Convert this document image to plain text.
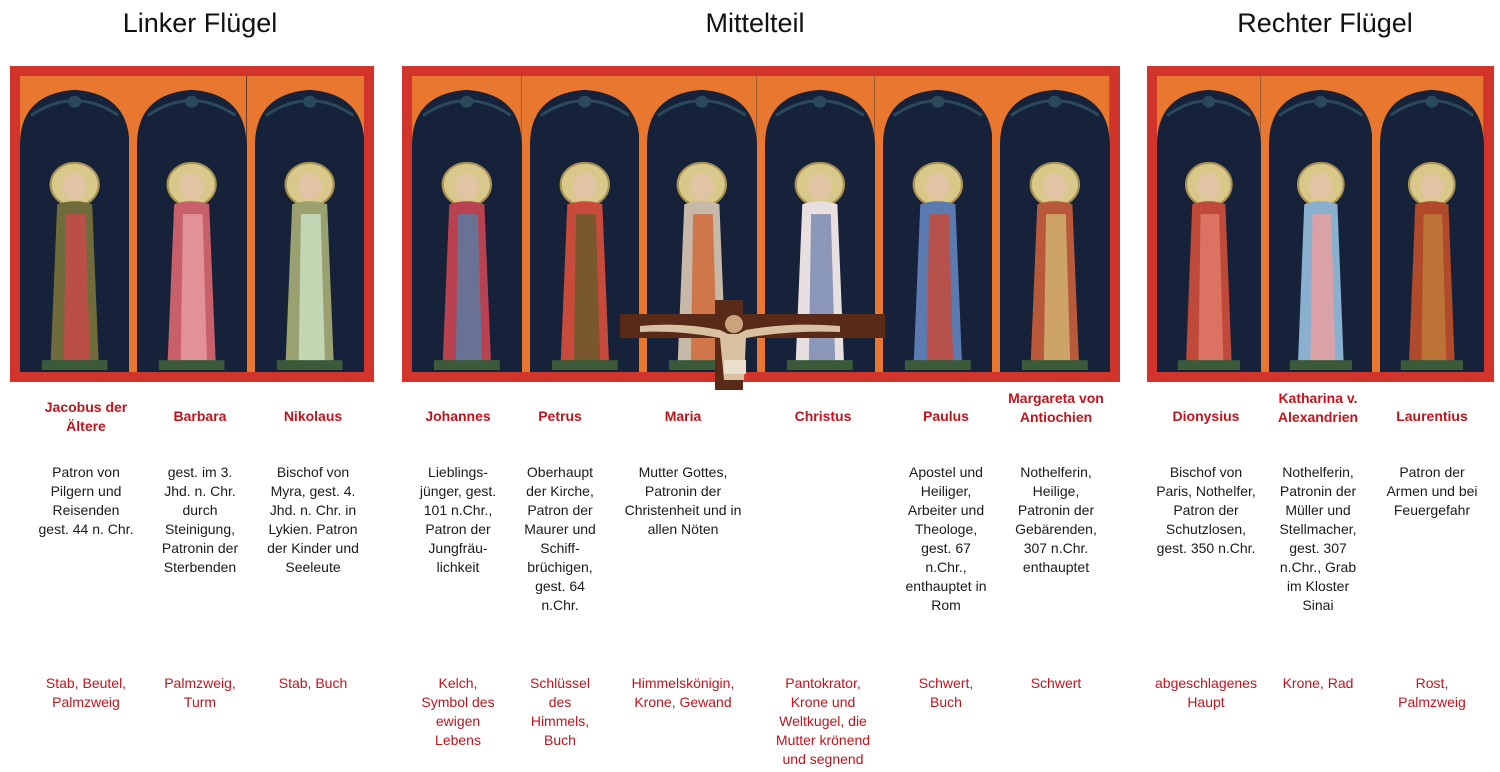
Linker Flügel	Mittelteil	Rechter Flügel
Jacobus der Ältere
Patron von Pilgern und Reisenden gest. 44 n. Chr.
Stab, Beutel, Palmzweig
Barbara
gest. im 3. Jhd. n. Chr. durch Steinigung, Patronin der Sterbenden
Palmzweig, Turm
Nikolaus
Bischof von Myra, gest. 4. Jhd. n. Chr. in Lykien. Patron der Kinder und Seeleute
Stab, Buch
Johannes
Lieblings-jünger, gest. 101 n.Chr., Patron der Jungfräu-lichkeit
Kelch, Symbol des ewigen Lebens
Petrus
Oberhaupt der Kirche, Patron der Maurer und Schiff-brüchigen, gest. 64 n.Chr.
Schlüssel des Himmels, Buch
Maria
Mutter Gottes, Patronin der Christenheit und in allen Nöten
Himmelskönigin, Krone, Gewand
Christus
Pantokrator, Krone und Weltkugel, die Mutter krönend und segnend
Paulus
Apostel und Heiliger, Arbeiter und Theologe, gest. 67 n.Chr., enthauptet in Rom
Schwert, Buch
Margareta von Antiochien
Nothelferin, Heilige, Patronin der Gebärenden, 307 n.Chr. enthauptet
Schwert
Dionysius
Bischof von Paris, Nothelfer, Patron der Schutzlosen, gest. 350 n.Chr.
abgeschlagenes Haupt
Katharina v. Alexandrien
Nothelferin, Patronin der Müller und Stellmacher, gest. 307 n.Chr., Grab im Kloster Sinai
Krone, Rad
Laurentius
Patron der Armen und bei Feuergefahr
Rost, Palmzweig
